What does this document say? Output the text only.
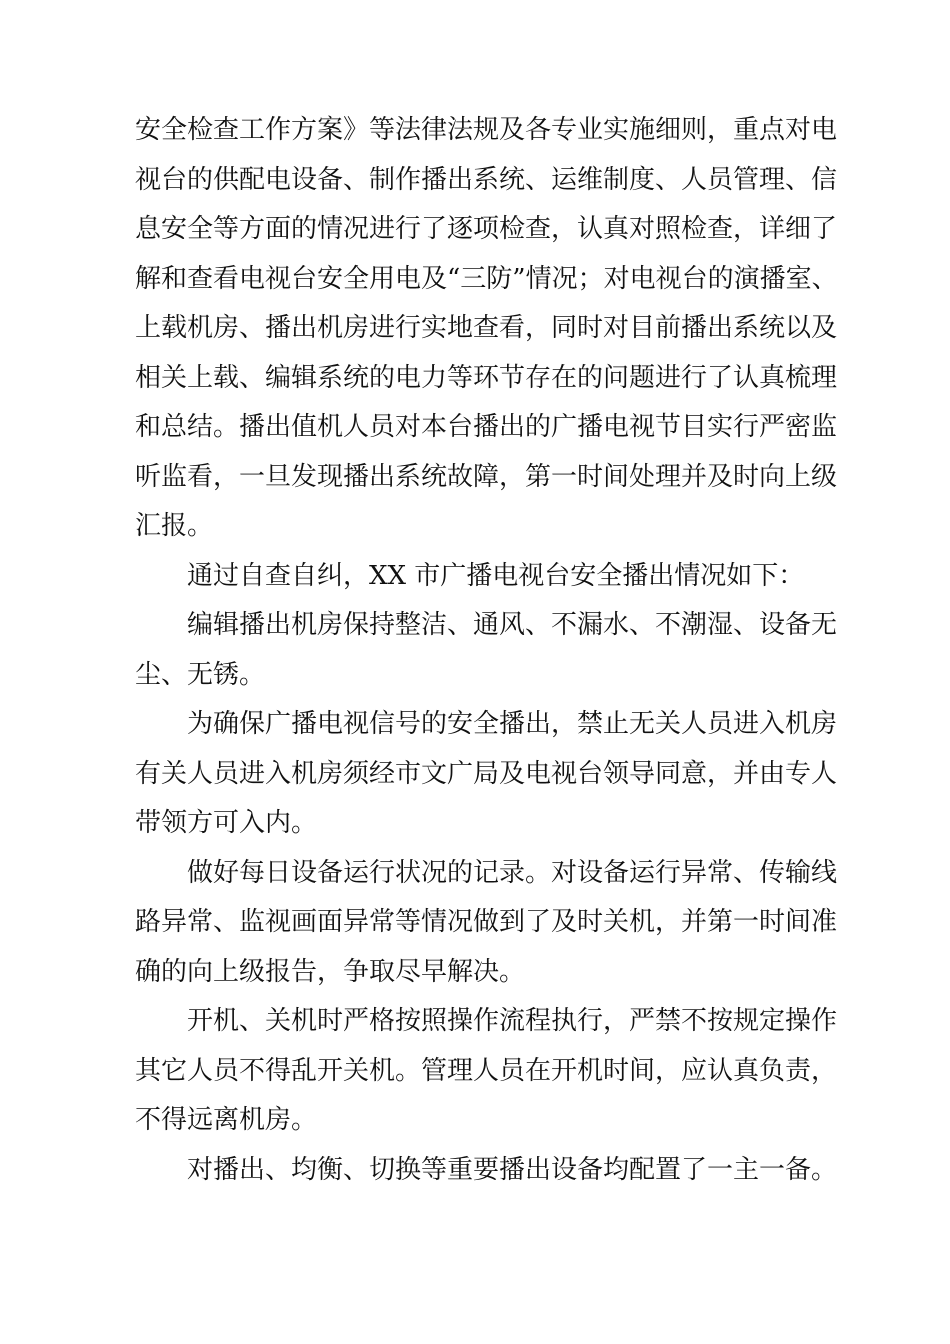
安全检查工作方案》等法律法规及各专业实施细则，重点对电
视台的供配电设备、制作播出系统、运维制度、人员管理、信
息安全等方面的情况进行了逐项检查，认真对照检查，详细了
解和查看电视台安全用电及“三防”情况；对电视台的演播室、
上载机房、播出机房进行实地查看，同时对目前播出系统以及
相关上载、编辑系统的电力等环节存在的问题进行了认真梳理
和总结。播出值机人员对本台播出的广播电视节目实行严密监
听监看，一旦发现播出系统故障，第一时间处理并及时向上级
汇报。

通过自查自纠，XX 市广播电视台安全播出情况如下：

编辑播出机房保持整洁、通风、不漏水、不潮湿、设备无
尘、无锈。

为确保广播电视信号的安全播出，禁止无关人员进入机房
有关人员进入机房须经市文广局及电视台领导同意，并由专人
带领方可入内。

做好每日设备运行状况的记录。对设备运行异常、传输线
路异常、监视画面异常等情况做到了及时关机，并第一时间准
确的向上级报告，争取尽早解决。

开机、关机时严格按照操作流程执行，严禁不按规定操作
其它人员不得乱开关机。管理人员在开机时间，应认真负责，
不得远离机房。

对播出、均衡、切换等重要播出设备均配置了一主一备。
